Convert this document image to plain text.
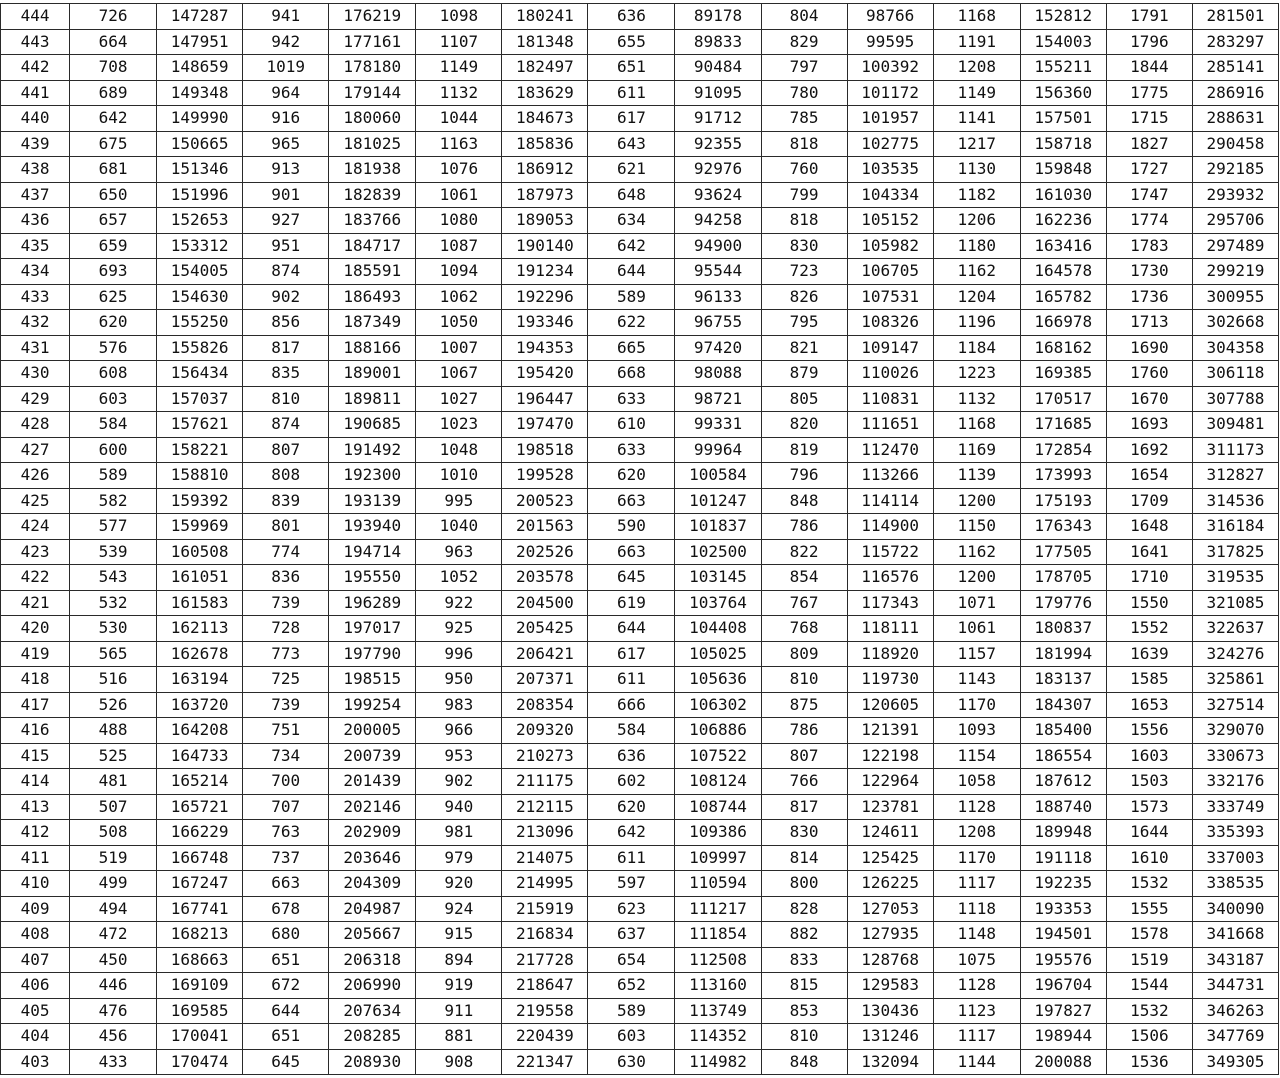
444	726	147287	941	176219	1098	180241	636	89178	804	98766	1168	152812	1791	281501
443	664	147951	942	177161	1107	181348	655	89833	829	99595	1191	154003	1796	283297
442	708	148659	1019	178180	1149	182497	651	90484	797	100392	1208	155211	1844	285141
441	689	149348	964	179144	1132	183629	611	91095	780	101172	1149	156360	1775	286916
440	642	149990	916	180060	1044	184673	617	91712	785	101957	1141	157501	1715	288631
439	675	150665	965	181025	1163	185836	643	92355	818	102775	1217	158718	1827	290458
438	681	151346	913	181938	1076	186912	621	92976	760	103535	1130	159848	1727	292185
437	650	151996	901	182839	1061	187973	648	93624	799	104334	1182	161030	1747	293932
436	657	152653	927	183766	1080	189053	634	94258	818	105152	1206	162236	1774	295706
435	659	153312	951	184717	1087	190140	642	94900	830	105982	1180	163416	1783	297489
434	693	154005	874	185591	1094	191234	644	95544	723	106705	1162	164578	1730	299219
433	625	154630	902	186493	1062	192296	589	96133	826	107531	1204	165782	1736	300955
432	620	155250	856	187349	1050	193346	622	96755	795	108326	1196	166978	1713	302668
431	576	155826	817	188166	1007	194353	665	97420	821	109147	1184	168162	1690	304358
430	608	156434	835	189001	1067	195420	668	98088	879	110026	1223	169385	1760	306118
429	603	157037	810	189811	1027	196447	633	98721	805	110831	1132	170517	1670	307788
428	584	157621	874	190685	1023	197470	610	99331	820	111651	1168	171685	1693	309481
427	600	158221	807	191492	1048	198518	633	99964	819	112470	1169	172854	1692	311173
426	589	158810	808	192300	1010	199528	620	100584	796	113266	1139	173993	1654	312827
425	582	159392	839	193139	995	200523	663	101247	848	114114	1200	175193	1709	314536
424	577	159969	801	193940	1040	201563	590	101837	786	114900	1150	176343	1648	316184
423	539	160508	774	194714	963	202526	663	102500	822	115722	1162	177505	1641	317825
422	543	161051	836	195550	1052	203578	645	103145	854	116576	1200	178705	1710	319535
421	532	161583	739	196289	922	204500	619	103764	767	117343	1071	179776	1550	321085
420	530	162113	728	197017	925	205425	644	104408	768	118111	1061	180837	1552	322637
419	565	162678	773	197790	996	206421	617	105025	809	118920	1157	181994	1639	324276
418	516	163194	725	198515	950	207371	611	105636	810	119730	1143	183137	1585	325861
417	526	163720	739	199254	983	208354	666	106302	875	120605	1170	184307	1653	327514
416	488	164208	751	200005	966	209320	584	106886	786	121391	1093	185400	1556	329070
415	525	164733	734	200739	953	210273	636	107522	807	122198	1154	186554	1603	330673
414	481	165214	700	201439	902	211175	602	108124	766	122964	1058	187612	1503	332176
413	507	165721	707	202146	940	212115	620	108744	817	123781	1128	188740	1573	333749
412	508	166229	763	202909	981	213096	642	109386	830	124611	1208	189948	1644	335393
411	519	166748	737	203646	979	214075	611	109997	814	125425	1170	191118	1610	337003
410	499	167247	663	204309	920	214995	597	110594	800	126225	1117	192235	1532	338535
409	494	167741	678	204987	924	215919	623	111217	828	127053	1118	193353	1555	340090
408	472	168213	680	205667	915	216834	637	111854	882	127935	1148	194501	1578	341668
407	450	168663	651	206318	894	217728	654	112508	833	128768	1075	195576	1519	343187
406	446	169109	672	206990	919	218647	652	113160	815	129583	1128	196704	1544	344731
405	476	169585	644	207634	911	219558	589	113749	853	130436	1123	197827	1532	346263
404	456	170041	651	208285	881	220439	603	114352	810	131246	1117	198944	1506	347769
403	433	170474	645	208930	908	221347	630	114982	848	132094	1144	200088	1536	349305
